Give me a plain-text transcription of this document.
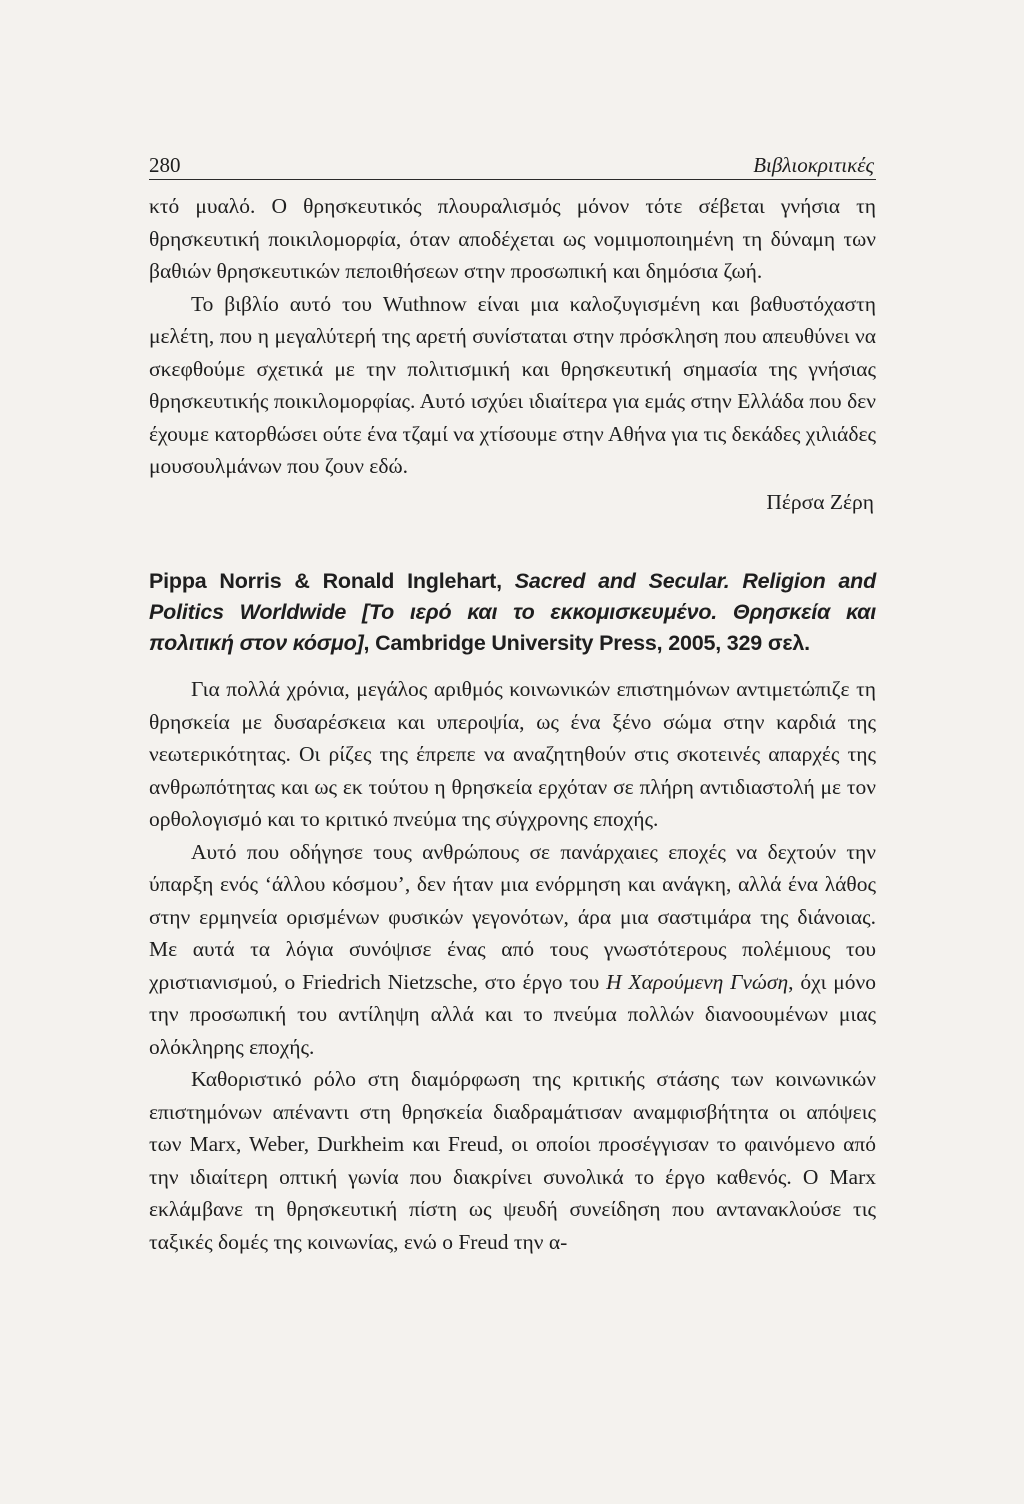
280	Βιβλιοκριτικές

κτό μυαλό. Ο θρησκευτικός πλουραλισμός μόνον τότε σέβεται γνήσια τη θρησκευτική ποικιλομορφία, όταν αποδέχεται ως νομιμοποιημένη τη δύναμη των βαθιών θρησκευτικών πεποιθήσεων στην προσωπική και δημόσια ζωή.

Το βιβλίο αυτό του Wuthnow είναι μια καλοζυγισμένη και βαθυστόχαστη μελέτη, που η μεγαλύτερή της αρετή συνίσταται στην πρόσκληση που απευθύνει να σκεφθούμε σχετικά με την πολιτισμική και θρησκευτική σημασία της γνήσιας θρησκευτικής ποικιλομορφίας. Αυτό ισχύει ιδιαίτερα για εμάς στην Ελλάδα που δεν έχουμε κατορθώσει ούτε ένα τζαμί να χτίσουμε στην Αθήνα για τις δεκάδες χιλιάδες μουσουλμάνων που ζουν εδώ.

Πέρσα Ζέρη

Pippa Norris & Ronald Inglehart, Sacred and Secular. Religion and Politics Worldwide [Το ιερό και το εκκομισκευμένο. Θρησκεία και πολιτική στον κόσμο], Cambridge University Press, 2005, 329 σελ.

Για πολλά χρόνια, μεγάλος αριθμός κοινωνικών επιστημόνων αντιμετώπιζε τη θρησκεία με δυσαρέσκεια και υπεροψία, ως ένα ξένο σώμα στην καρδιά της νεωτερικότητας. Οι ρίζες της έπρεπε να αναζητηθούν στις σκοτεινές απαρχές της ανθρωπότητας και ως εκ τούτου η θρησκεία ερχόταν σε πλήρη αντιδιαστολή με τον ορθολογισμό και το κριτικό πνεύμα της σύγχρονης εποχής.

Αυτό που οδήγησε τους ανθρώπους σε πανάρχαιες εποχές να δεχτούν την ύπαρξη ενός ‘άλλου κόσμου’, δεν ήταν μια ενόρμηση και ανάγκη, αλλά ένα λάθος στην ερμηνεία ορισμένων φυσικών γεγονότων, άρα μια σαστιμάρα της διάνοιας. Με αυτά τα λόγια συνόψισε ένας από τους γνωστότερους πολέμιους του χριστιανισμού, ο Friedrich Nietzsche, στο έργο του Η Χαρούμενη Γνώση, όχι μόνο την προσωπική του αντίληψη αλλά και το πνεύμα πολλών διανοουμένων μιας ολόκληρης εποχής.

Καθοριστικό ρόλο στη διαμόρφωση της κριτικής στάσης των κοινωνικών επιστημόνων απέναντι στη θρησκεία διαδραμάτισαν αναμφισβήτητα οι απόψεις των Marx, Weber, Durkheim και Freud, οι οποίοι προσέγγισαν το φαινόμενο από την ιδιαίτερη οπτική γωνία που διακρίνει συνολικά το έργο καθενός. Ο Marx εκλάμβανε τη θρησκευτική πίστη ως ψευδή συνείδηση που αντανακλούσε τις ταξικές δομές της κοινωνίας, ενώ ο Freud την α-
